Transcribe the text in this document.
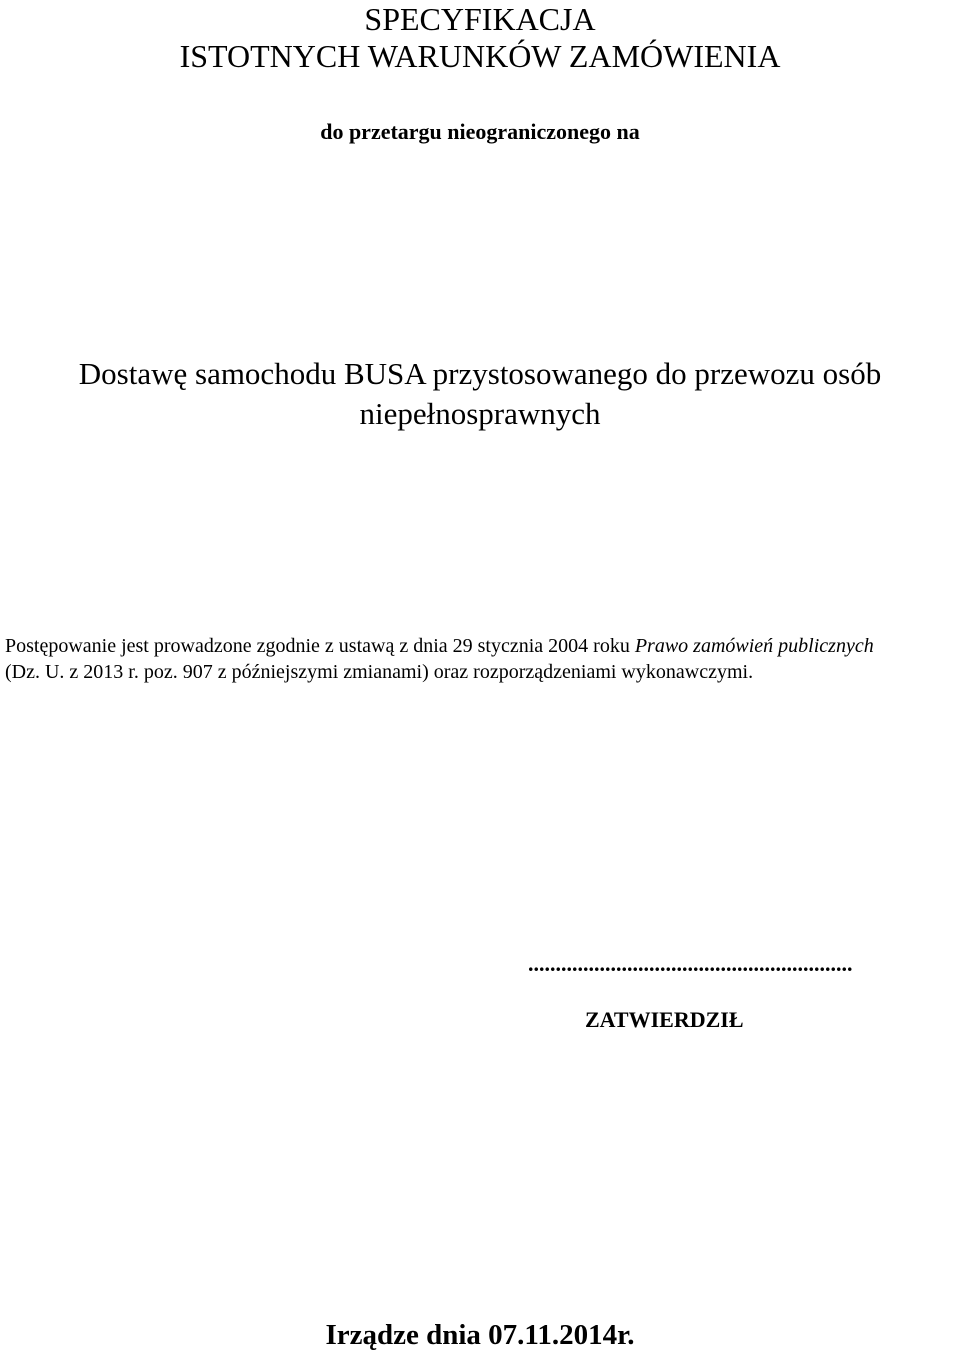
SPECYFIKACJA
ISTOTNYCH WARUNKÓW ZAMÓWIENIA
do przetargu nieograniczonego na
Dostawę samochodu BUSA przystosowanego do przewozu osób
niepełnosprawnych
Postępowanie jest prowadzone zgodnie z ustawą z dnia 29 stycznia 2004 roku Prawo zamówień publicznych
(Dz. U. z 2013 r. poz. 907 z późniejszymi zmianami) oraz rozporządzeniami wykonawczymi.
...........................................................
ZATWIERDZIŁ
Irządze dnia 07.11.2014r.
